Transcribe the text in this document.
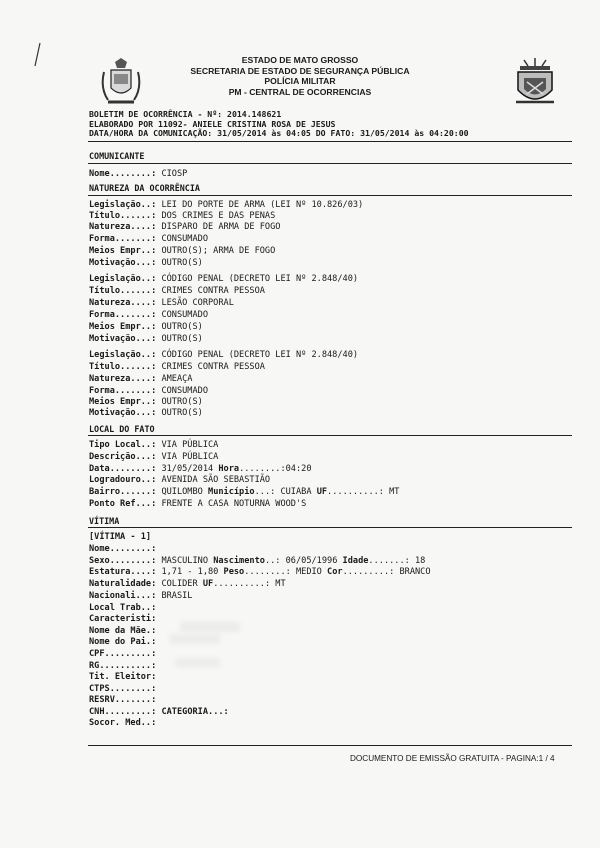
ESTADO DE MATO GROSSO
SECRETARIA DE ESTADO DE SEGURANÇA PÚBLICA
POLÍCIA MILITAR
PM - CENTRAL DE OCORRENCIAS
BOLETIM DE OCORRÊNCIA - Nº: 2014.148621
ELABORADO POR 11092- ANIELE CRISTINA ROSA DE JESUS
DATA/HORA DA COMUNICAÇÃO: 31/05/2014 às 04:05 DO FATO: 31/05/2014 às 04:20:00
COMUNICANTE
Nome........: CIOSP
NATUREZA DA OCORRÊNCIA
Legislação..: LEI DO PORTE DE ARMA (LEI Nº 10.826/03)
Título......: DOS CRIMES E DAS PENAS
Natureza....: DISPARO DE ARMA DE FOGO
Forma.......: CONSUMADO
Meios Empr..: OUTRO(S); ARMA DE FOGO
Motivação...: OUTRO(S)
Legislação..: CÓDIGO PENAL (DECRETO LEI Nº 2.848/40)
Título......: CRIMES CONTRA PESSOA
Natureza....: LESÃO CORPORAL
Forma.......: CONSUMADO
Meios Empr..: OUTRO(S)
Motivação...: OUTRO(S)
Legislação..: CÓDIGO PENAL (DECRETO LEI Nº 2.848/40)
Título......: CRIMES CONTRA PESSOA
Natureza....: AMEAÇA
Forma.......: CONSUMADO
Meios Empr..: OUTRO(S)
Motivação...: OUTRO(S)
LOCAL DO FATO
Tipo Local..: VIA PÚBLICA
Descrição...: VIA PÚBLICA
Data........: 31/05/2014 Hora........:04:20
Logradouro..: AVENIDA SÃO SEBASTIÃO
Bairro......: QUILOMBO Município...: CUIABA UF..........: MT
Ponto Ref...: FRENTE A CASA NOTURNA WOOD'S
VÍTIMA
[VÍTIMA - 1]
Nome........:
Sexo........: MASCULINO Nascimento..: 06/05/1996 Idade.......: 18
Estatura....: 1,71 - 1,80 Peso........: MEDIO Cor.........: BRANCO
Naturalidade: COLIDER UF..........: MT
Nacionali...: BRASIL
Local Trab..:
Caracteristi:
Nome da Mãe.:
Nome do Pai.:
CPF.........:
RG..........:
Tit. Eleitor:
CTPS........:
RESRV.......:
CNH.........: CATEGORIA...:
Socor. Med..:
DOCUMENTO DE EMISSÃO GRATUITA - PAGINA:1 / 4
